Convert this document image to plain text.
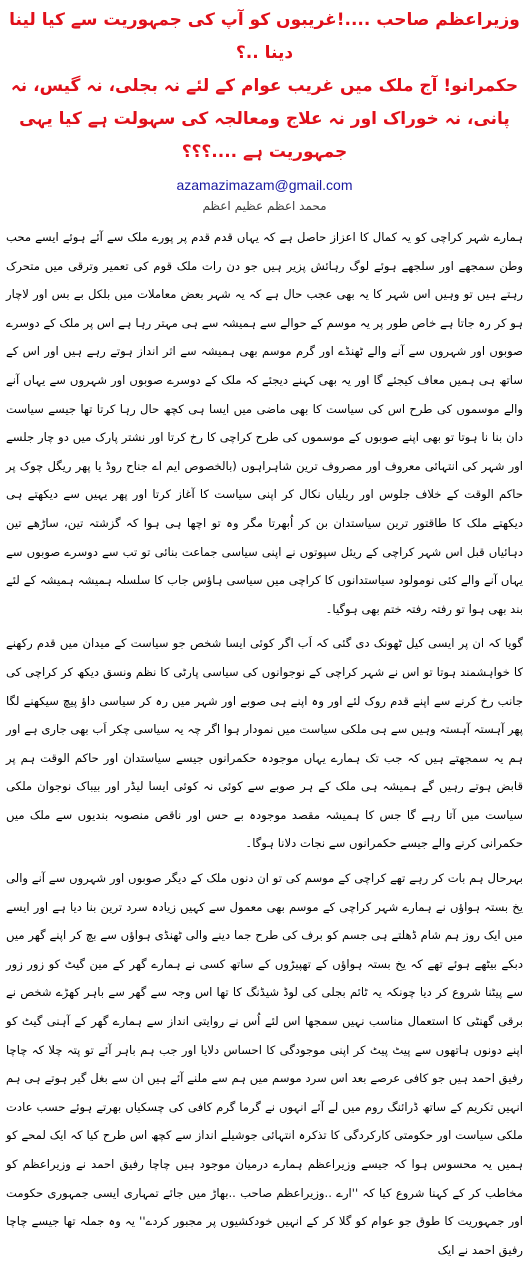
وزیراعظم صاحب ....!غریبوں کو آپ کی جمہوریت سے کیا لینا دینا ..؟

حکمرانو! آج ملک میں غریب عوام کے لئے نہ بجلی، نہ گیس، نہ پانی، نہ خوراک اور نہ علاج ومعالجہ کی سہولت ہے کیا یہی جمہوریت ہے ....؟؟؟

azamazimazam@gmail.com
محمد اعظم عظیم اعظم

ہمارے شہر کراچی کو یہ کمال کا اعزاز حاصل ہے کہ یہاں قدم قدم پر پورے ملک سے آئے ہوئے ایسے محب وطن سمجھے اور سلجھے ہوئے لوگ رہائش پزیر ہیں جو دن رات ملک قوم کی تعمیر وترقی میں متحرک رہتے ہیں تو وہیں اس شہر کا یہ بھی عجب حال ہے کہ یہ شہر بعض معاملات میں بلکل بے بس اور لاچار ہو کر رہ جاتا ہے خاص طور پر یہ موسم کے حوالے سے ہمیشہ سے ہی مہتر رہا ہے اس پر ملک کے دوسرے صوبوں اور شہروں سے آنے والے ٹھنڈے اور گرم موسم بھی ہمیشہ سے اثر انداز ہوتے رہے ہیں اور اس کے ساتھ ہی ہمیں معاف کیجئے گا اور یہ بھی کہنے دیجئے کہ ملک کے دوسرے صوبوں اور شہروں سے یہاں آنے والے موسموں کی طرح اس کی سیاست کا بھی ماضی میں ایسا ہی کچھ حال رہا کرتا تھا جیسے سیاست دان بنا نا ہوتا تو بھی اپنے صوبوں کے موسموں کی طرح کراچی کا رخ کرتا اور نشتر پارک میں دو چار جلسے اور شہر کی انتہائی معروف اور مصروف ترین شاہراہوں (بالخصوص ایم اے جناح روڈ یا پھر ریگل چوک پر حاکم الوقت کے خلاف جلوس اور ریلیاں نکال کر اپنی سیاست کا آغاز کرتا اور پھر یہیں سے دیکھتے ہی دیکھتے ملک کا طاقتور ترین سیاستدان بن کر اُبھرتا مگر وہ تو اچھا ہی ہوا کہ گزشتہ تین، ساڑھے تین دہائیاں قبل اس شہر کراچی کے ریئل سپوتوں نے اپنی سیاسی جماعت بنائی تو تب سے دوسرے صوبوں سے یہاں آنے والے کئی نومولود سیاستدانوں کا کراچی میں سیاسی ہاؤس جاب کا سلسلہ ہمیشہ ہمیشہ کے لئے بند بھی ہوا تو رفتہ رفتہ ختم بھی ہوگیا۔

گویا کہ ان پر ایسی کیل ٹھونک دی گئی کہ اَب اگر کوئی ایسا شخص جو سیاست کے میدان میں قدم رکھنے کا خواہشمند ہوتا تو اس نے شہر کراچی کے نوجوانوں کی سیاسی پارٹی کا نظم ونسق دیکھ کر کراچی کی جانب رخ کرنے سے اپنے قدم روک لئے اور وہ اپنے ہی صوبے اور شہر میں رہ کر سیاسی داؤ پیچ سیکھنے لگا پھر آہستہ آہستہ وہیں سے ہی ملکی سیاست میں نمودار ہوا اگر چہ یہ سیاسی چکر اَب بھی جاری ہے اور ہم یہ سمجھتے ہیں کہ جب تک ہمارے یہاں موجودہ حکمرانوں جیسے سیاستدان اور حاکم الوقت ہم پر قابض ہوتے رہیں گے ہمیشہ ہی ملک کے ہر صوبے سے کوئی نہ کوئی ایسا لیڈر اور بیباک نوجوان ملکی سیاست میں آتا رہے گا جس کا ہمیشہ مقصد موجودہ بے حس اور ناقص منصوبہ بندیوں سے ملک میں حکمرانی کرنے والے جیسے حکمرانوں سے نجات دلانا ہوگا۔

بہرحال ہم بات کر رہے تھے کراچی کے موسم کی تو ان دنوں ملک کے دیگر صوبوں اور شہروں سے آنے والی یخ بستہ ہواؤں نے ہمارے شہر کراچی کے موسم بھی معمول سے کہیں زیادہ سرد ترین بنا دیا ہے اور ایسے میں ایک روز ہم شام ڈھلتے ہی جسم کو برف کی طرح جما دینے والی ٹھنڈی ہواؤں سے بچ کر اپنے گھر میں دبکے بیٹھے ہوئے تھے کہ یخ بستہ ہواؤں کے تھپیڑوں کے ساتھ کسی نے ہمارے گھر کے مین گیٹ کو زور زور سے پیٹنا شروع کر دیا چونکہ یہ ٹائم بجلی کی لوڈ شیڈنگ کا تھا اس وجہ سے گھر سے باہر کھڑے شخص نے برقی گھنٹی کا استعمال مناسب نہیں سمجھا اس لئے اُس نے روایتی انداز سے ہمارے گھر کے آہنی گیٹ کو اپنے دونوں ہاتھوں سے پیٹ پیٹ کر اپنی موجودگی کا احساس دلایا اور جب ہم باہر آئے تو پتہ چلا کہ چاچا رفیق احمد ہیں جو کافی عرصے بعد اس سرد موسم میں ہم سے ملنے آئے ہیں ان سے بغل گیر ہوتے ہی ہم انہیں تکریم کے ساتھ ڈرائنگ روم میں لے آئے انہوں نے گرما گرم کافی کی چسکیاں بھرتے ہوئے حسب عادت ملکی سیاست اور حکومتی کارکردگی کا تذکرہ انتہائی جوشیلے انداز سے کچھ اس طرح کیا کہ ایک لمحے کو ہمیں یہ محسوس ہوا کہ جیسے وزیراعظم ہمارے درمیان موجود ہیں چاچا رفیق احمد نے وزیراعظم کو مخاطب کر کے کہنا شروع کیا کہ ''ارے ..وزیراعظم صاحب ..بھاڑ میں جائے تمہاری ایسی جمہوری حکومت اور جمہوریت کا طوق جو عوام کو گلا کر کے انہیں خودکشیوں پر مجبور کردے'' یہ وہ جملہ تھا جیسے چاچا رفیق احمد نے ایک
